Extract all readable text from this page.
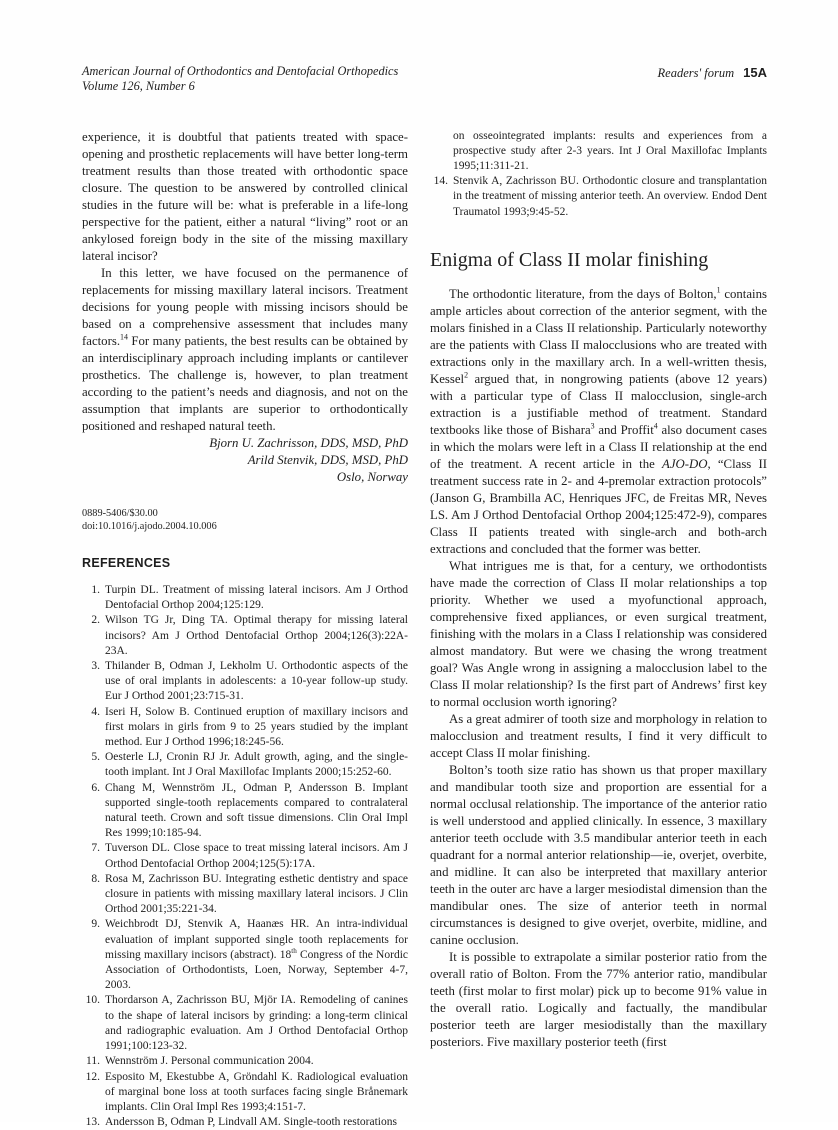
American Journal of Orthodontics and Dentofacial Orthopedics
Volume 126, Number 6
Readers' forum 15A

experience, it is doubtful that patients treated with space-opening and prosthetic replacements will have better long-term treatment results than those treated with orthodontic space closure. The question to be answered by controlled clinical studies in the future will be: what is preferable in a life-long perspective for the patient, either a natural “living” root or an ankylosed foreign body in the site of the missing maxillary lateral incisor?

In this letter, we have focused on the permanence of replacements for missing maxillary lateral incisors. Treatment decisions for young people with missing incisors should be based on a comprehensive assessment that includes many factors.$^{14}$ For many patients, the best results can be obtained by an interdisciplinary approach including implants or cantilever prosthetics. The challenge is, however, to plan treatment according to the patient’s needs and diagnosis, and not on the assumption that implants are superior to orthodontically positioned and reshaped natural teeth.

Bjorn U. Zachrisson, DDS, MSD, PhD
Arild Stenvik, DDS, MSD, PhD
Oslo, Norway
0889-5406/$30.00
doi:10.1016/j.ajodo.2004.10.006
REFERENCES

1. Turpin DL. Treatment of missing lateral incisors. Am J Orthod Dentofacial Orthop 2004;125:129.

2. Wilson TG Jr, Ding TA. Optimal therapy for missing lateral incisors? Am J Orthod Dentofacial Orthop 2004;126(3):22A-23A.

3. Thilander B, Odman J, Lekholm U. Orthodontic aspects of the use of oral implants in adolescents: a 10-year follow-up study. Eur J Orthod 2001;23:715-31.

4. Iseri H, Solow B. Continued eruption of maxillary incisors and first molars in girls from 9 to 25 years studied by the implant method. Eur J Orthod 1996;18:245-56.

5. Oesterle LJ, Cronin RJ Jr. Adult growth, aging, and the single-tooth implant. Int J Oral Maxillofac Implants 2000;15:252-60.

6. Chang M, Wennström JL, Odman P, Andersson B. Implant supported single-tooth replacements compared to contralateral natural teeth. Crown and soft tissue dimensions. Clin Oral Impl Res 1999;10:185-94.

7. Tuverson DL. Close space to treat missing lateral incisors. Am J Orthod Dentofacial Orthop 2004;125(5):17A.

8. Rosa M, Zachrisson BU. Integrating esthetic dentistry and space closure in patients with missing maxillary lateral incisors. J Clin Orthod 2001;35:221-34.

9. Weichbrodt DJ, Stenvik A, Haanæs HR. An intra-individual evaluation of implant supported single tooth replacements for missing maxillary incisors (abstract). 18th Congress of the Nordic Association of Orthodontists, Loen, Norway, September 4-7, 2003.

10. Thordarson A, Zachrisson BU, Mjör IA. Remodeling of canines to the shape of lateral incisors by grinding: a long-term clinical and radiographic evaluation. Am J Orthod Dentofacial Orthop 1991;100:123-32.

11. Wennström J. Personal communication 2004.

12. Esposito M, Ekestubbe A, Gröndahl K. Radiological evaluation of marginal bone loss at tooth surfaces facing single Brånemark implants. Clin Oral Impl Res 1993;4:151-7.

13. Andersson B, Odman P, Lindvall AM. Single-tooth restorations

on osseointegrated implants: results and experiences from a prospective study after 2-3 years. Int J Oral Maxillofac Implants 1995;11:311-21.

14. Stenvik A, Zachrisson BU. Orthodontic closure and transplantation in the treatment of missing anterior teeth. An overview. Endod Dent Traumatol 1993;9:45-52.

Enigma of Class II molar finishing

The orthodontic literature, from the days of Bolton,$^1$ contains ample articles about correction of the anterior segment, with the molars finished in a Class II relationship. Particularly noteworthy are the patients with Class II malocclusions who are treated with extractions only in the maxillary arch. In a well-written thesis, Kessel$^2$ argued that, in nongrowing patients (above 12 years) with a particular type of Class II malocclusion, single-arch extraction is a justifiable method of treatment. Standard textbooks like those of Bishara$^3$ and Proffit$^4$ also document cases in which the molars were left in a Class II relationship at the end of the treatment. A recent article in the AJO-DO, “Class II treatment success rate in 2- and 4-premolar extraction protocols” (Janson G, Brambilla AC, Henriques JFC, de Freitas MR, Neves LS. Am J Orthod Dentofacial Orthop 2004;125:472-9), compares Class II patients treated with single-arch and both-arch extractions and concluded that the former was better.

What intrigues me is that, for a century, we orthodontists have made the correction of Class II molar relationships a top priority. Whether we used a myofunctional approach, comprehensive fixed appliances, or even surgical treatment, finishing with the molars in a Class I relationship was considered almost mandatory. But were we chasing the wrong treatment goal? Was Angle wrong in assigning a malocclusion label to the Class II molar relationship? Is the first part of Andrews’ first key to normal occlusion worth ignoring?

As a great admirer of tooth size and morphology in relation to malocclusion and treatment results, I find it very difficult to accept Class II molar finishing.

Bolton’s tooth size ratio has shown us that proper maxillary and mandibular tooth size and proportion are essential for a normal occlusal relationship. The importance of the anterior ratio is well understood and applied clinically. In essence, 3 maxillary anterior teeth occlude with 3.5 mandibular anterior teeth in each quadrant for a normal anterior relationship—ie, overjet, overbite, and midline. It can also be interpreted that maxillary anterior teeth in the outer arc have a larger mesiodistal dimension than the mandibular ones. The size of anterior teeth in normal circumstances is designed to give overjet, overbite, midline, and canine occlusion.

It is possible to extrapolate a similar posterior ratio from the overall ratio of Bolton. From the 77% anterior ratio, mandibular teeth (first molar to first molar) pick up to become 91% value in the overall ratio. Logically and factually, the mandibular posterior teeth are larger mesiodistally than the maxillary posteriors. Five maxillary posterior teeth (first
